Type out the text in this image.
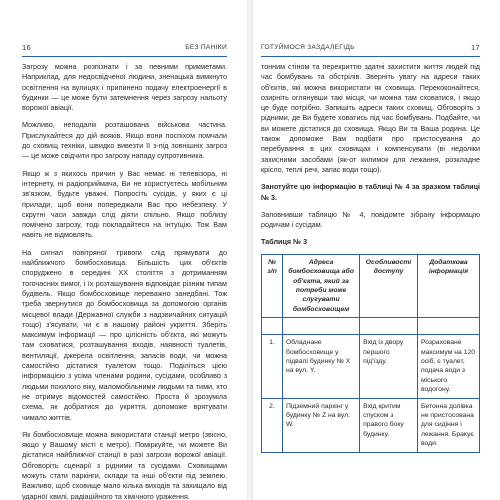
16	БЕЗ ПАНІКИ

Загрозу можна розпізнати і за певними прикметами. Наприклад, для недосвідченої людини, зненацька вимкнуто освітлення на вулицях і припинено подачу електроенергії в будинки — це може бути затемнення через загрозу нальоту ворожої авіації.

Можливо, неподалік розташована військова частина. Прислухайтеся до дій вояків. Якщо вони поспіхом помчали до сховищ техніки, швидко вивезти її з-під зовнішніх загроз — це може свідчити про загрозу нападу супротивника.

Якщо ж з якихось причин у Вас немає ні телевізора, ні інтернету, ні радіоприймача, Ви не користуєтесь мобільним зв'язком, будьте уважні. Попросіть сусідів, у яких є ці прилади, щоб вони попереджали Вас про небезпеку. У скрутні часи завжди слід діяти спільно. Якщо поблизу помічено загрозу, тоді покладайтеся на інтуїцію. Тож Вам навіть не відмовлять.

На сигнал повітряної тривоги слід прямувати до найближчого бомбосховища. Більшість цих об'єктів споруджено в середині XX століття з дотриманням тогочасних вимог, і їх розташування відповідає різним типам будівель. Якщо бомбосховище переважно занедбані. Тож треба звернутися до бомбосховища за допомогою органів місцевої влади (Державної служби з надзвичайних ситуацій тощо) з'ясувати, чи є в нашому районі укриття. Зберіть максимум інформації — про цілісність об'єкта, які можуть там сховатися, розташування входів, наявності туалетів, вентиляції, джерела освітлення, запасів води, чи можна самостійно дістатися туалетом тощо. Поділіться цією інформацією з усіма членами родини, сусідами, особливо з людьми похилого віку, маломобільними людьми та тими, хто не отримує відомостей самостійно. Проста й зрозуміла схема, як добратися до укриття, допоможе врятувати чимало життів.

Як бомбосховище можна використати станції метро (звісно, якщо у Вашому місті є метро). Поміркуйте, чи можете Ви дістатися найближчої станції в разі загрози ворожої авіації. Обговоріть сценарії з рідними та сусідами. Сховищами можуть стати паркінги, склади та інші об'єкти під землею. Важливо, щоб сховище мало кілька виходів та захищало від ударної хвилі, радіаційного та хімічного ураження.

ГОТУЙМОСЯ ЗАЗДАЛЕГІДЬ	17

тонним стіном та перекриттю здатні захистити життя людей під час бомбувань та обстрілів. Зверніть увагу на адреси таких об'єктів, які можна використати як сховища. Перекоконайтеся, озирніть оглянувши такі місця, чи можна там сховатися, і якщо це буде потрібно. Запишіть адреси таких сховищ. Обговоріть з рідними, де Ви будете ховатись під час бомбувань. Подбайте, чи ви можете дістатися до сховища. Якщо Ви та Ваша родина. Це також допоможе Вам подбати про пристосування до перебування в цих сховищах і компенсувати (ві недоліки захисними засобами (як-от килимок для лежання, розкладне крісло, теплі речі, запас води тощо).

Занотуйте цю інформацію в таблиці № 4 за зразком таблиці № 3.

Заповнивши таблицю № 4, повідомте зібрану інформацію родичам і сусідам.

Таблиця № 3
№ з/п	Адреса бомбосховища або об'єкта, який за потреби може слугувати бомбосховищем	Особливості доступу	Додаткова інформація

1.	Обладнане бомбосховище у підвалі будинку № X на вул. Y.	Вхід із двору першого під'їзду.	Розраховане максимум на 120 осіб, є туалет, подача води з міського водогону.
2.	Підземний паркінг у будинку № Z на вул. W.	Вхід критим спуском з правого боку будинку.	Бетонна долівка не пристосована для сидіння і лежання. Бракує води.
